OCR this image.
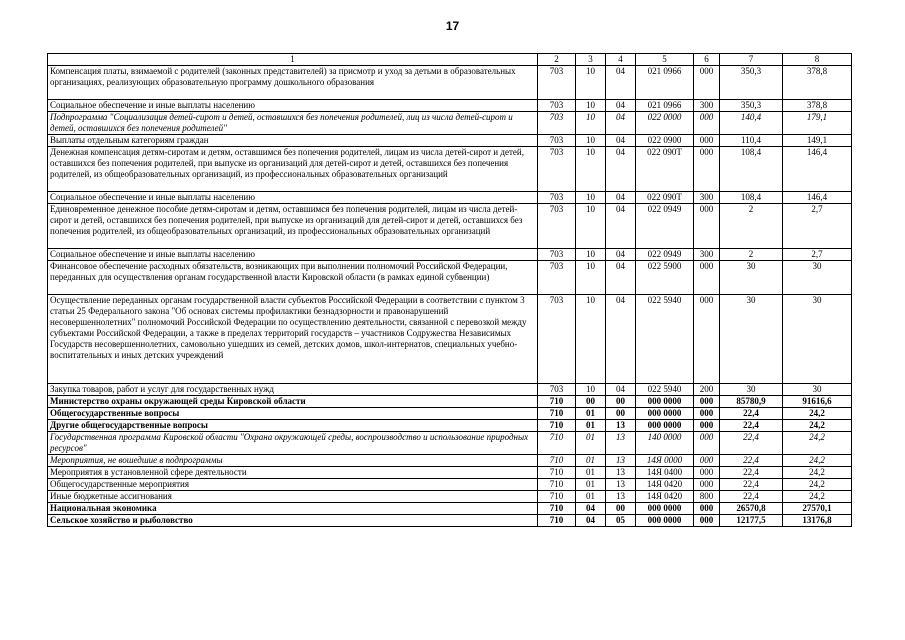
17
1	2	3	4	5	6	7	8
Компенсация платы, взимаемой с родителей (законных представителей) за присмотр и уход за детьми в образовательных организациях, реализующих образовательную программу дошкольного образования	703	10	04	021 0966	000	350,3	378,8
Социальное обеспечение и иные выплаты населению	703	10	04	021 0966	300	350,3	378,8
Подпрограмма "Социализация детей-сирот и детей, оставшихся без попечения родителей, лиц из числа детей-сирот и детей, оставшихся без попечения родителей"	703	10	04	022 0000	000	140,4	179,1
Выплаты отдельным категориям граждан	703	10	04	022 0900	000	110,4	149,1
Денежная компенсация детям-сиротам и детям, оставшимся без попечения родителей, лицам из числа детей-сирот и детей, оставшихся без попечения родителей, при выпуске из организаций для детей-сирот и детей, оставшихся без попечения родителей, из общеобразовательных организаций, из профессиональных образовательных организаций	703	10	04	022 090Т	000	108,4	146,4
Социальное обеспечение и иные выплаты населению	703	10	04	022 090Т	300	108,4	146,4
Единовременное денежное пособие детям-сиротам и детям, оставшимся без попечения родителей, лицам из числа детей-сирот и детей, оставшихся без попечения родителей, при выпуске из организаций для детей-сирот и детей, оставшихся без попечения родителей, из общеобразовательных организаций, из профессиональных образовательных организаций	703	10	04	022 0949	000	2	2,7
Социальное обеспечение и иные выплаты населению	703	10	04	022 0949	300	2	2,7
Финансовое обеспечение расходных обязательств, возникающих при выполнении полномочий Российской Федерации, переданных для осуществления органам государственной власти Кировской области (в рамках единой субвенции)	703	10	04	022 5900	000	30	30
Осуществление переданных органам государственной власти субъектов Российской Федерации в соответствии с пунктом 3 статьи 25 Федерального закона "Об основах системы профилактики безнадзорности и правонарушений несовершеннолетних" полномочий Российской Федерации по осуществлению деятельности, связанной с перевозкой между субъектами Российской Федерации, а также в пределах территорий государств – участников Содружества Независимых Государств несовершеннолетних, самовольно ушедших из семей, детских домов, школ-интернатов, специальных учебно-воспитательных и иных детских учреждений	703	10	04	022 5940	000	30	30
Закупка товаров, работ и услуг для государственных нужд	703	10	04	022 5940	200	30	30
Министерство охраны окружающей среды Кировской области	710	00	00	000 0000	000	85780,9	91616,6
Общегосударственные вопросы	710	01	00	000 0000	000	22,4	24,2
Другие общегосударственные вопросы	710	01	13	000 0000	000	22,4	24,2
Государственная программа Кировской области "Охрана окружающей среды, воспроизводство и использование природных ресурсов"	710	01	13	140 0000	000	22,4	24,2
Мероприятия, не вошедшие в подпрограммы	710	01	13	14Я 0000	000	22,4	24,2
Мероприятия в установленной сфере деятельности	710	01	13	14Я 0400	000	22,4	24,2
Общегосударственные мероприятия	710	01	13	14Я 0420	000	22,4	24,2
Иные бюджетные ассигнования	710	01	13	14Я 0420	800	22,4	24,2
Национальная экономика	710	04	00	000 0000	000	26570,8	27570,1
Сельское хозяйство и рыболовство	710	04	05	000 0000	000	12177,5	13176,8
